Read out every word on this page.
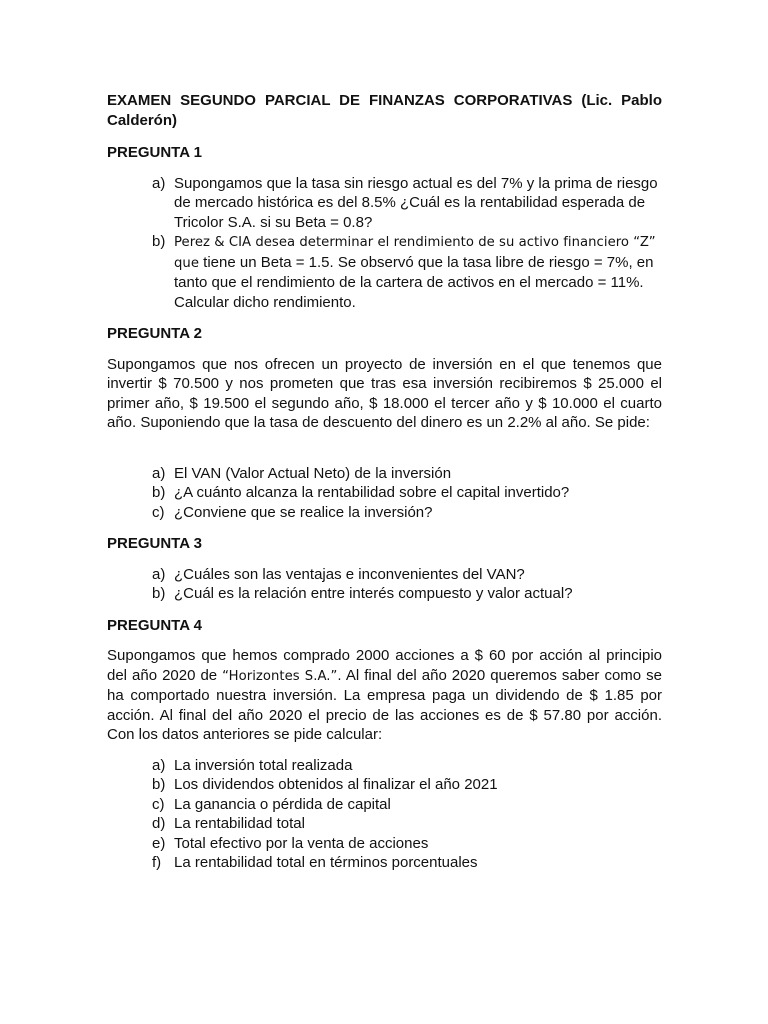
EXAMEN SEGUNDO PARCIAL DE FINANZAS CORPORATIVAS (Lic. Pablo Calderón)
PREGUNTA 1
a) Supongamos que la tasa sin riesgo actual es del 7% y la prima de riesgo de mercado histórica es del 8.5% ¿Cuál es la rentabilidad esperada de Tricolor S.A. si su Beta = 0.8?
b) Perez & CIA desea determinar el rendimiento de su activo financiero “Z” que tiene un Beta = 1.5. Se observó que la tasa libre de riesgo = 7%, en tanto que el rendimiento de la cartera de activos en el mercado = 11%. Calcular dicho rendimiento.
PREGUNTA 2
Supongamos que nos ofrecen un proyecto de inversión en el que tenemos que invertir $ 70.500 y nos prometen que tras esa inversión recibiremos $ 25.000 el primer año, $ 19.500 el segundo año, $ 18.000 el tercer año y $ 10.000 el cuarto año. Suponiendo que la tasa de descuento del dinero es un 2.2% al año. Se pide:
a) El VAN (Valor Actual Neto) de la inversión
b) ¿A cuánto alcanza la rentabilidad sobre el capital invertido?
c) ¿Conviene que se realice la inversión?
PREGUNTA 3
a) ¿Cuáles son las ventajas e inconvenientes del VAN?
b) ¿Cuál es la relación entre interés compuesto y valor actual?
PREGUNTA 4
Supongamos que hemos comprado 2000 acciones a $ 60 por acción al principio del año 2020 de “Horizontes S.A.”. Al final del año 2020 queremos saber como se ha comportado nuestra inversión. La empresa paga un dividendo de $ 1.85 por acción. Al final del año 2020 el precio de las acciones es de $ 57.80 por acción. Con los datos anteriores se pide calcular:
a) La inversión total realizada
b) Los dividendos obtenidos al finalizar el año 2021
c) La ganancia o pérdida de capital
d) La rentabilidad total
e) Total efectivo por la venta de acciones
f) La rentabilidad total en términos porcentuales
